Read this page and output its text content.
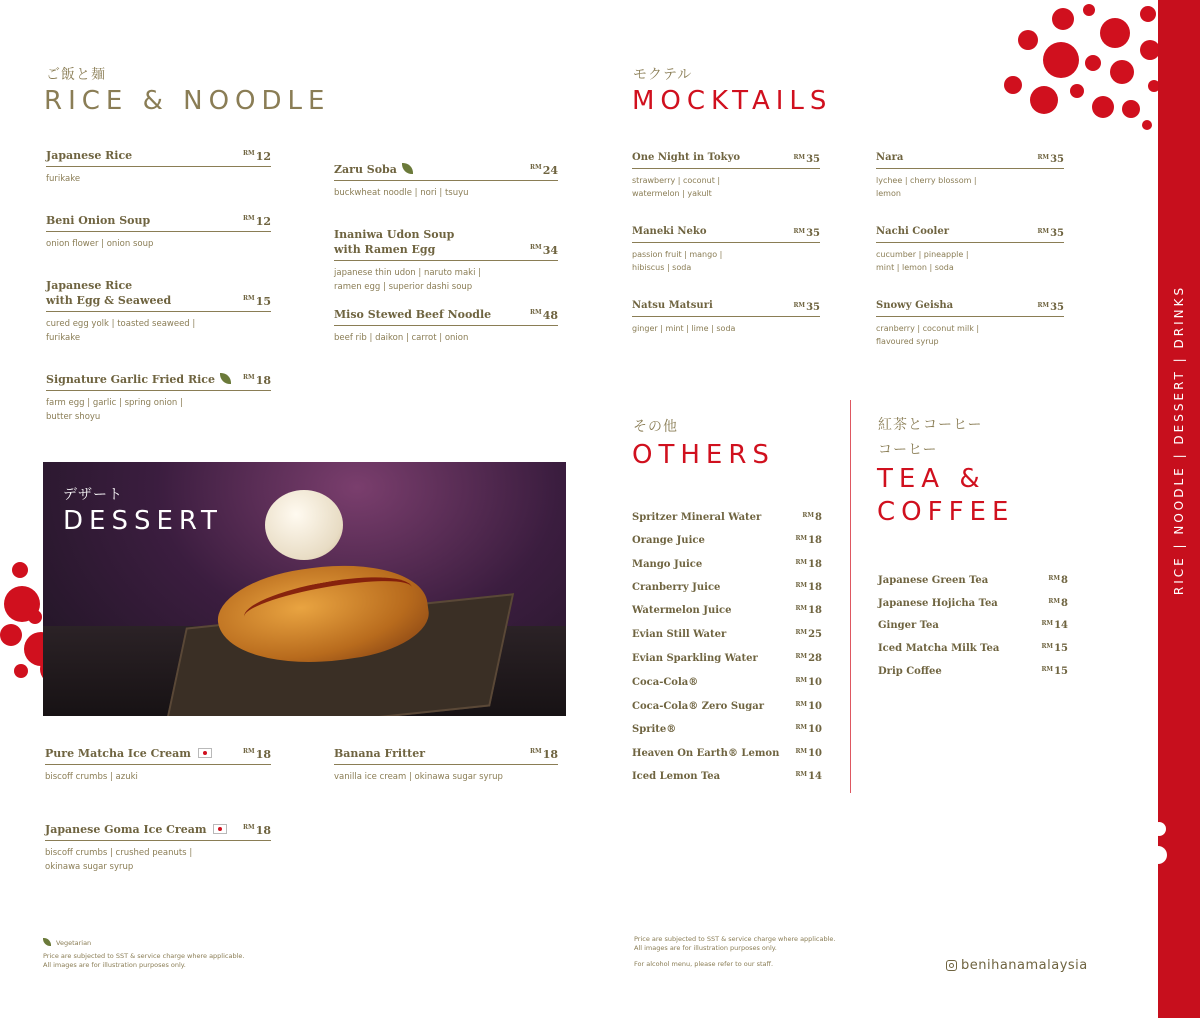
ご飯と麺
RICE & NOODLE
Japanese Rice	$^{RM}$12
furikake
Beni Onion Soup	$^{RM}$12
onion flower | onion soup
Japanese Rice
with Egg & Seaweed	$^{RM}$15
cured egg yolk | toasted seaweed |
furikake
Signature Garlic Fried Rice	$^{RM}$18
farm egg | garlic | spring onion |
butter shoyu
Zaru Soba	$^{RM}$24
buckwheat noodle | nori | tsuyu
Inaniwa Udon Soup
with Ramen Egg	$^{RM}$34
japanese thin udon | naruto maki |
ramen egg | superior dashi soup
Miso Stewed Beef Noodle	$^{RM}$48
beef rib | daikon | carrot | onion
デザート
DESSERT
Pure Matcha Ice Cream	$^{RM}$18
biscoff crumbs | azuki
Japanese Goma Ice Cream	$^{RM}$18
biscoff crumbs | crushed peanuts |
okinawa sugar syrup
Banana Fritter	$^{RM}$18
vanilla ice cream | okinawa sugar syrup
モクテル
MOCKTAILS
One Night in Tokyo	$^{RM}$35
strawberry | coconut |
watermelon | yakult
Maneki Neko	$^{RM}$35
passion fruit | mango |
hibiscus | soda
Natsu Matsuri	$^{RM}$35
ginger | mint | lime | soda
Nara	$^{RM}$35
lychee | cherry blossom |
lemon
Nachi Cooler	$^{RM}$35
cucumber | pineapple |
mint | lemon | soda
Snowy Geisha	$^{RM}$35
cranberry | coconut milk |
flavoured syrup
その他
OTHERS
Spritzer Mineral Water	$^{RM}$8
Orange Juice	$^{RM}$18
Mango Juice	$^{RM}$18
Cranberry Juice	$^{RM}$18
Watermelon Juice	$^{RM}$18
Evian Still Water	$^{RM}$25
Evian Sparkling Water	$^{RM}$28
Coca-Cola®	$^{RM}$10
Coca-Cola® Zero Sugar	$^{RM}$10
Sprite®	$^{RM}$10
Heaven On Earth® Lemon	$^{RM}$10
Iced Lemon Tea	$^{RM}$14
紅茶とコーヒー
コーヒー
TEA &
COFFEE
Japanese Green Tea	$^{RM}$8
Japanese Hojicha Tea	$^{RM}$8
Ginger Tea	$^{RM}$14
Iced Matcha Milk Tea	$^{RM}$15
Drip Coffee	$^{RM}$15
Vegetarian
Price are subjected to SST & service charge where applicable.
All images are for illustration purposes only.
Price are subjected to SST & service charge where applicable.
All images are for illustration purposes only.
For alcohol menu, please refer to our staff.	benihanamalaysia
RICE | NOODLE | DESSERT | DRINKS
